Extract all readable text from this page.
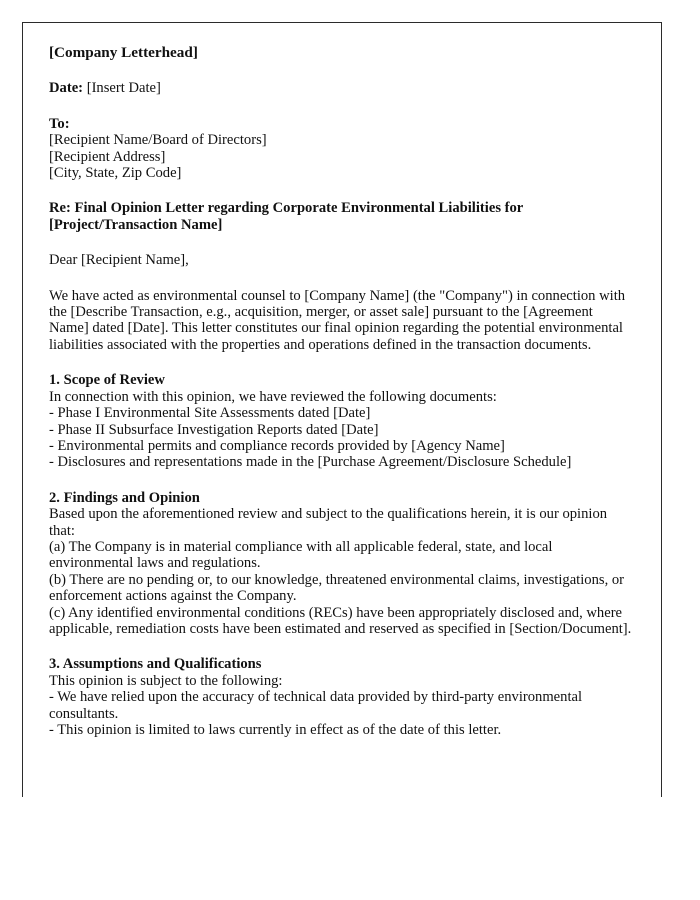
[Company Letterhead]
Date: [Insert Date]
To:
[Recipient Name/Board of Directors]
[Recipient Address]
[City, State, Zip Code]
Re: Final Opinion Letter regarding Corporate Environmental Liabilities for [Project/Transaction Name]
Dear [Recipient Name],
We have acted as environmental counsel to [Company Name] (the "Company") in connection with the [Describe Transaction, e.g., acquisition, merger, or asset sale] pursuant to the [Agreement Name] dated [Date]. This letter constitutes our final opinion regarding the potential environmental liabilities associated with the properties and operations defined in the transaction documents.
1. Scope of Review
In connection with this opinion, we have reviewed the following documents:
- Phase I Environmental Site Assessments dated [Date]
- Phase II Subsurface Investigation Reports dated [Date]
- Environmental permits and compliance records provided by [Agency Name]
- Disclosures and representations made in the [Purchase Agreement/Disclosure Schedule]
2. Findings and Opinion
Based upon the aforementioned review and subject to the qualifications herein, it is our opinion that:
(a) The Company is in material compliance with all applicable federal, state, and local environmental laws and regulations.
(b) There are no pending or, to our knowledge, threatened environmental claims, investigations, or enforcement actions against the Company.
(c) Any identified environmental conditions (RECs) have been appropriately disclosed and, where applicable, remediation costs have been estimated and reserved as specified in [Section/Document].
3. Assumptions and Qualifications
This opinion is subject to the following:
- We have relied upon the accuracy of technical data provided by third-party environmental consultants.
- This opinion is limited to laws currently in effect as of the date of this letter.
